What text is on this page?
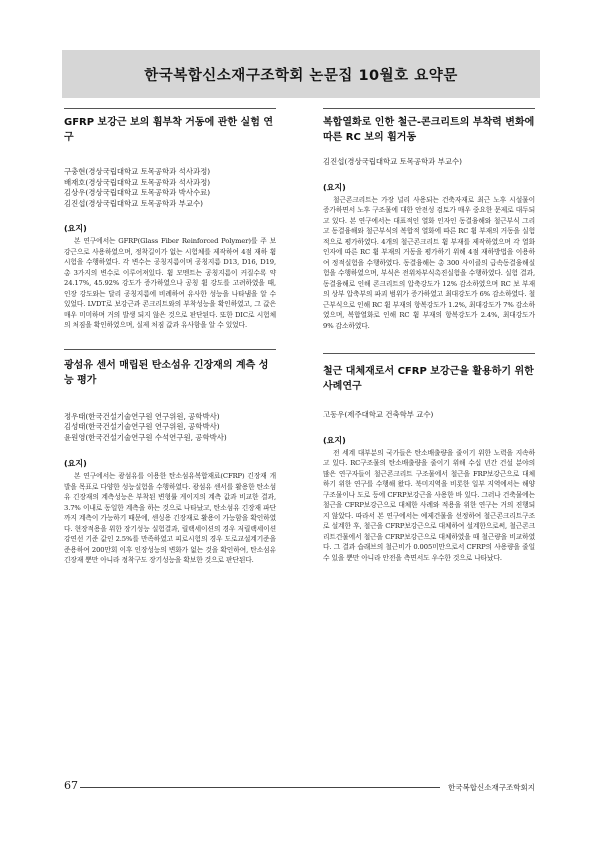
한국복합신소재구조학회 논문집 10월호 요약문
GFRP 보강근 보의 휨부착 거동에 관한 실험 연구
구충현(경상국립대학교 토목공학과 석사과정)
배재호(경상국립대학교 토목공학과 석사과정)
김상우(경상국립대학교 토목공학과 박사수료)
김진섭(경상국립대학교 토목공학과 부교수)

(요지)

본 연구에서는 GFRP(Glass Fiber Reinforced Polymer)를 주 보강근으로 사용하였으며, 정착길이가 없는 시험체를 제작하여 4점 재하 휨시험을 수행하였다. 각 변수는 공칭지름이며 공칭지름 D13, D16, D19, 총 3가지의 변수로 이루어져있다. 휨 모멘트는 공칭지름이 커질수록 약24.17%, 45.92% 강도가 증가하였으나 공칭 휨 강도를 고려하였을 때, 인장 강도와는 달리 공칭지름에 비례하여 유사한 성능을 나타냄을 알 수 있었다. LVDT로 보강근과 콘크리트와의 부착성능을 확인하였고, 그 값은 매우 미미하며 거의 발생 되지 않은 것으로 판단된다. 또한 DIC로 시험체의 처짐을 확인하였으며, 실제 처짐 값과 유사함을 알 수 있었다.

광섬유 센서 매립된 탄소섬유 긴장재의 계측 성능 평가
정우태(한국건설기술연구원 연구위원, 공학박사)
김성태(한국건설기술연구원 연구위원, 공학박사)
윤원영(한국건설기술연구원 수석연구원, 공학박사)

(요지)

본 연구에서는 광섬유를 이용한 탄소섬유복합재료(CFRP) 긴장재 개발을 목표로 다양한 성능실험을 수행하였다. 광섬유 센서를 활용한 탄소섬유 긴장재의 계측성능은 부착된 변형률 게이지의 계측 값과 비교한 결과, 3.7% 이내로 동일한 계측을 하는 것으로 나타났고, 탄소섬유 긴장재 파단까지 계측이 가능하기 때문에, 센싱용 긴장재로 활용이 가능함을 확인하였다. 현장적용을 위한 장기성능 실험결과, 릴랙세이션의 경우 저릴랙세이션 강연선 기준 값인 2.5%를 만족하였고 피로시험의 경우 도로교설계기준을 준용하여 200만회 이후 인장성능의 변화가 없는 것을 확인하여, 탄소섬유 긴장재 뿐만 아니라 정착구도 장기성능을 확보한 것으로 판단된다.

복합열화로 인한 철근-콘크리트의 부착력 변화에 따른 RC 보의 휨거동
김진섭(경상국립대학교 토목공학과 부교수)

(요지)

철근콘크리트는 가장 널리 사용되는 건축자재로 최근 노후 시설물이 증가하면서 노후 구조물에 대한 안전성 검토가 매우 중요한 문제로 대두되고 있다. 본 연구에서는 대표적인 열화 인자인 동결융해와 철근부식 그리고 동결융해와 철근부식의 복합적 열화에 따른 RC 휨 부재의 거동을 실험적으로 평가하였다. 4개의 철근콘크리트 휨 부재를 제작하였으며 각 열화인자에 따른 RC 휨 부재의 거동을 평가하기 위해 4점 재하방법을 이용하여 정적실험을 수행하였다. 동결융해는 총 300 사이클의 급속동결융해실험을 수행하였으며, 부식은 전위차부식촉진실험을 수행하였다. 실험 결과, 동결융해로 인해 콘크리트의 압축강도가 12% 감소하였으며 RC 보 부재의 상부 압축부의 파괴 범위가 증가하였고 최대강도가 6% 감소하였다. 철근부식으로 인해 RC 휨 부재의 항복강도가 1.2%, 최대강도가 7% 감소하였으며, 복합열화로 인해 RC 휨 부재의 항복강도가 2.4%, 최대강도가 9% 감소하였다.

철근 대체재로서 CFRP 보강근을 활용하기 위한 사례연구
고동우(제주대학교 건축학부 교수)

(요지)

전 세계 대부분의 국가들은 탄소배출량을 줄이기 위한 노력을 지속하고 있다. RC구조물의 탄소배출량을 줄이기 위해 수십 년간 건설 분야의 많은 연구자들이 철근콘크리트 구조물에서 철근을 FRP보강근으로 대체하기 위한 연구를 수행해 왔다. 북미지역을 비롯한 일부 지역에서는 해양구조물이나 도로 등에 CFRP보강근을 사용한 바 있다. 그러나 건축물에는 철근을 CFRP보강근으로 대체한 사례와 적용을 위한 연구는 거의 진행되지 않았다. 따라서 본 연구에서는 예제건물을 선정하여 철근콘크리트구조로 설계한 후, 철근을 CFRP보강근으로 대체하여 설계한으로써, 철근콘크리트건물에서 철근을 CFRP보강근으로 대체하였을 때 철근량을 비교하였다. 그 결과 습래브의 철근비가 0.005미만으로서 CFRP의 사용량을 줄일 수 있을 뿐만 아니라 안전을 측면서도 우수한 것으로 나타났다.

67	한국복합신소재구조학회지
